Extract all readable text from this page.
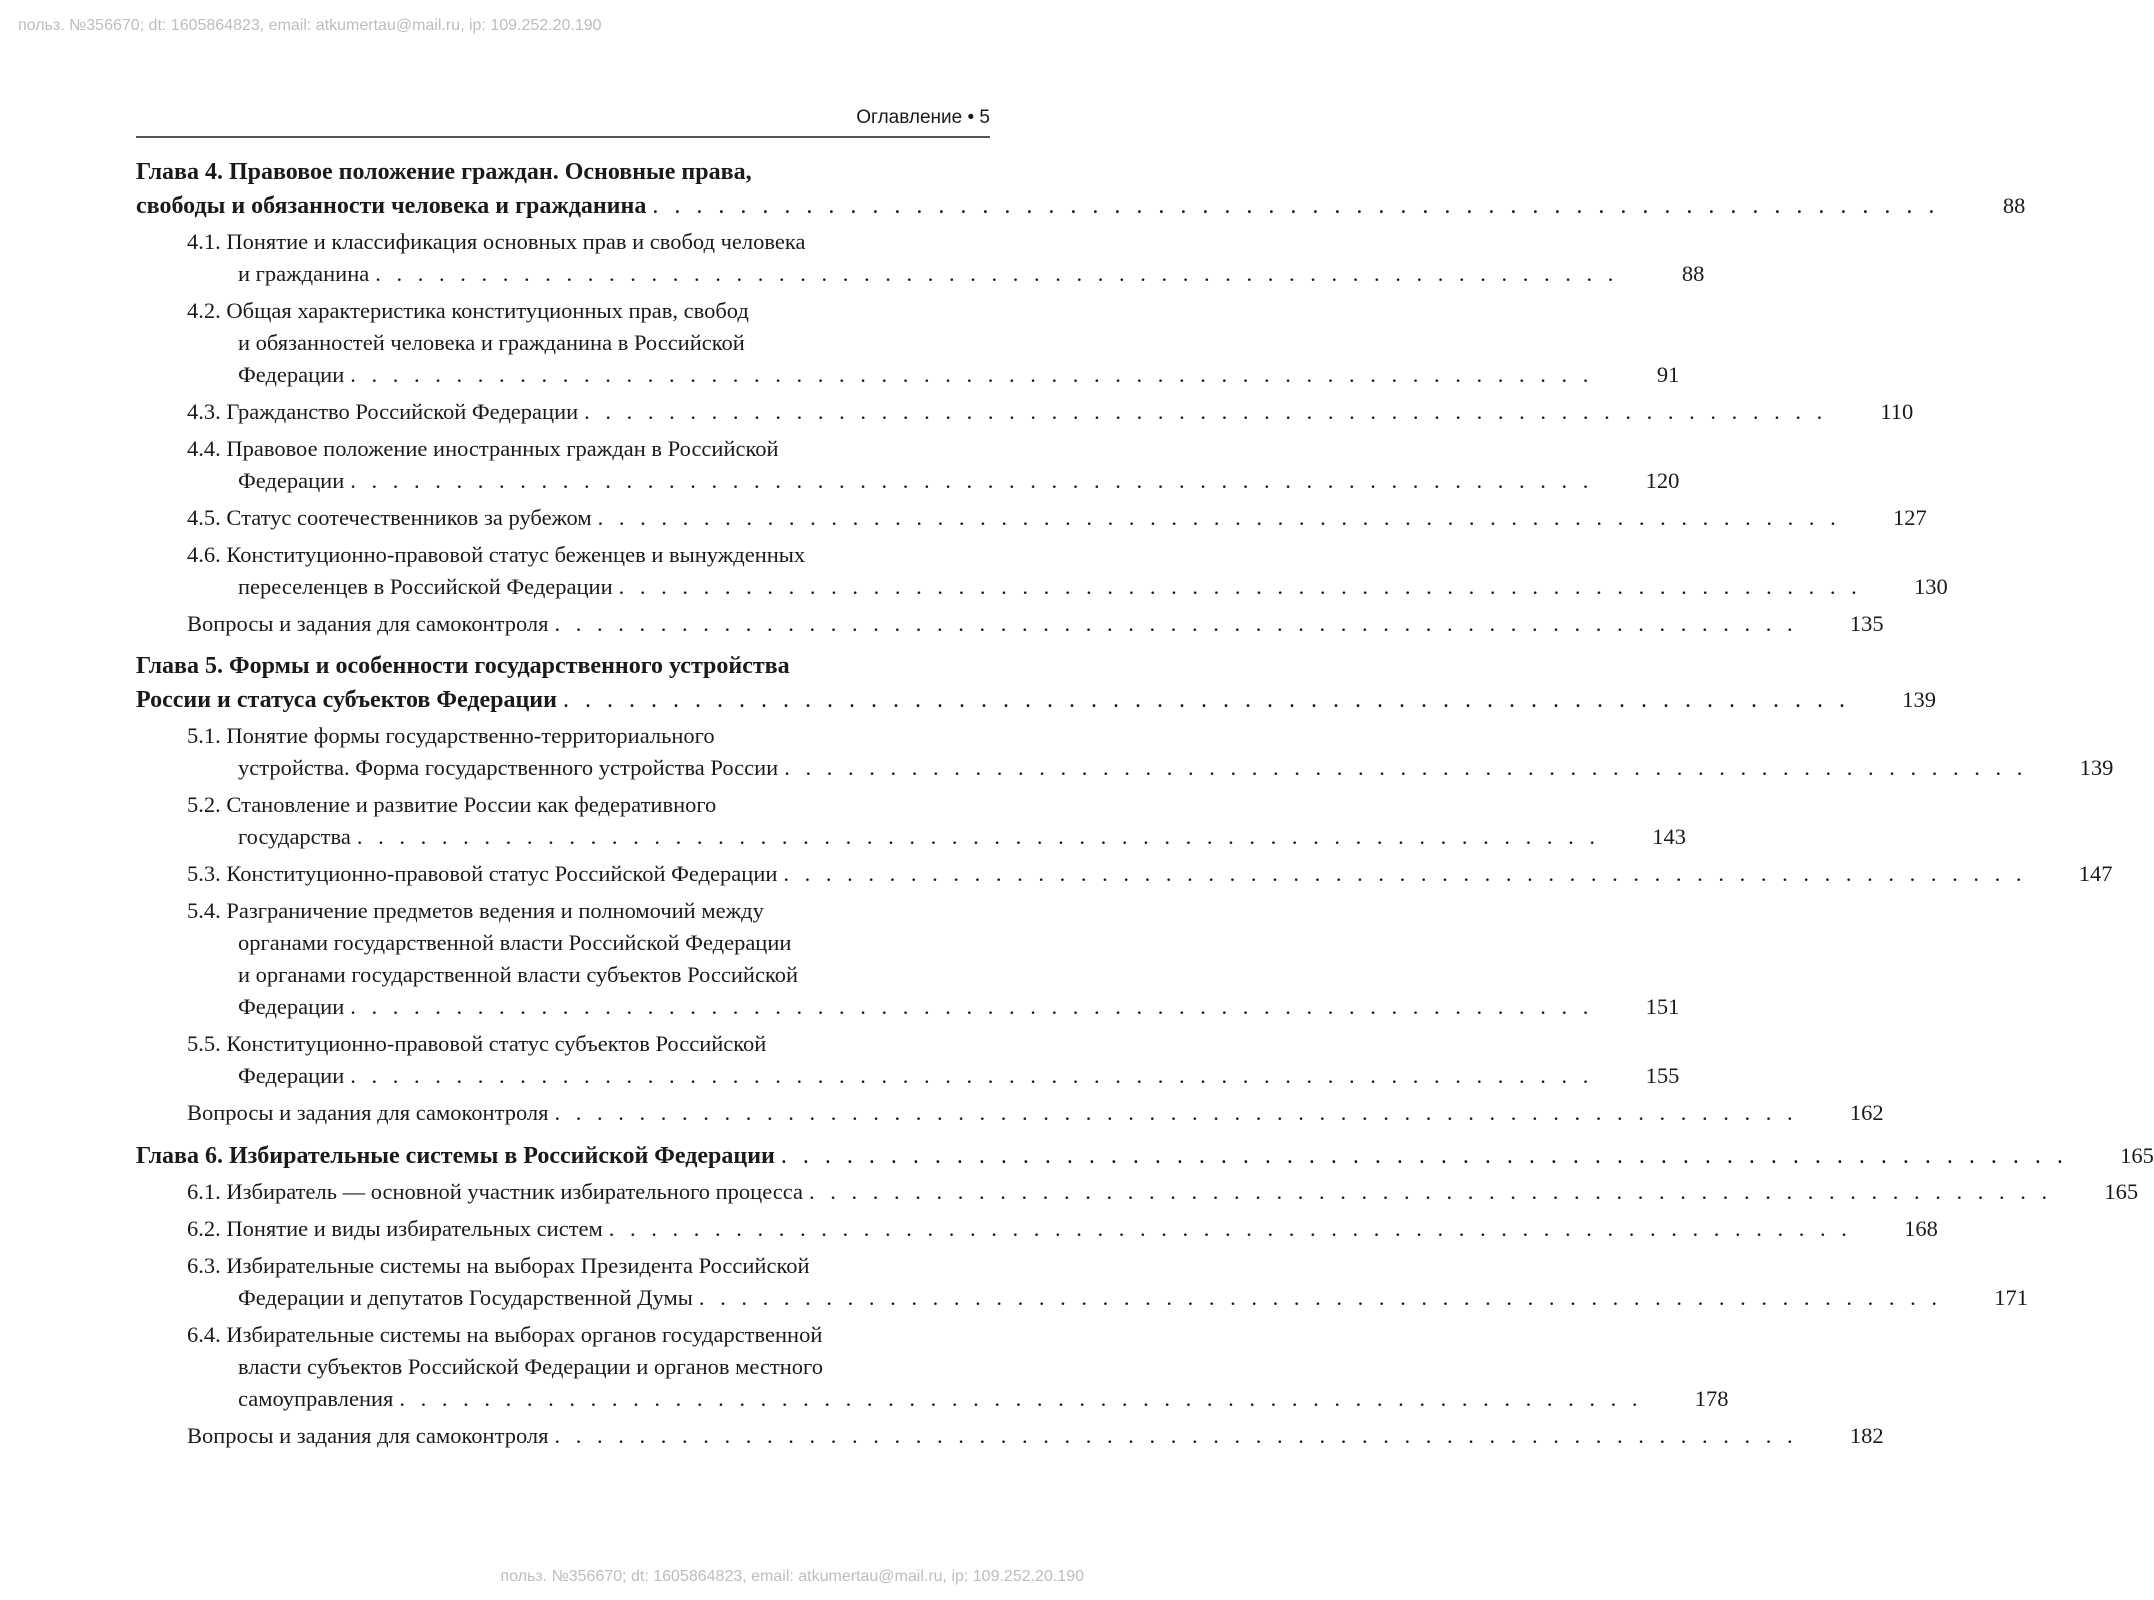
польз. №356670; dt: 1605864823, email: atkumertau@mail.ru, ip: 109.252.20.190
Оглавление • 5
Глава 4. Правовое положение граждан. Основные права,
свободы и обязанности человека и гражданина . . . . . . . . . . . . . . . . . . . . . . . . . . . . . . . . . . . . . . . . . . . . . . . . . . . . . . . . . . .	88
4.1. Понятие и классификация основных прав и свобод человека
и гражданина . . . . . . . . . . . . . . . . . . . . . . . . . . . . . . . . . . . . . . . . . . . . . . . . . . . . . . . . . . .	88
4.2. Общая характеристика конституционных прав, свобод
и обязанностей человека и гражданина в Российской
Федерации . . . . . . . . . . . . . . . . . . . . . . . . . . . . . . . . . . . . . . . . . . . . . . . . . . . . . . . . . . .	91
4.3. Гражданство Российской Федерации . . . . . . . . . . . . . . . . . . . . . . . . . . . . . . . . . . . . . . . . . . . . . . . . . . . . . . . . . . .	110
4.4. Правовое положение иностранных граждан в Российской
Федерации . . . . . . . . . . . . . . . . . . . . . . . . . . . . . . . . . . . . . . . . . . . . . . . . . . . . . . . . . . .	120
4.5. Статус соотечественников за рубежом . . . . . . . . . . . . . . . . . . . . . . . . . . . . . . . . . . . . . . . . . . . . . . . . . . . . . . . . . . .	127
4.6. Конституционно-правовой статус беженцев и вынужденных
переселенцев в Российской Федерации . . . . . . . . . . . . . . . . . . . . . . . . . . . . . . . . . . . . . . . . . . . . . . . . . . . . . . . . . . .	130
Вопросы и задания для самоконтроля . . . . . . . . . . . . . . . . . . . . . . . . . . . . . . . . . . . . . . . . . . . . . . . . . . . . . . . . . . .	135
Глава 5. Формы и особенности государственного устройства
России и статуса субъектов Федерации . . . . . . . . . . . . . . . . . . . . . . . . . . . . . . . . . . . . . . . . . . . . . . . . . . . . . . . . . . .	139
5.1. Понятие формы государственно-территориального
устройства. Форма государственного устройства России . . . . . . . . . . . . . . . . . . . . . . . . . . . . . . . . . . . . . . . . . . . . . . . . . . . . . . . . . . .	139
5.2. Становление и развитие России как федеративного
государства . . . . . . . . . . . . . . . . . . . . . . . . . . . . . . . . . . . . . . . . . . . . . . . . . . . . . . . . . . .	143
5.3. Конституционно-правовой статус Российской Федерации . . . . . . . . . . . . . . . . . . . . . . . . . . . . . . . . . . . . . . . . . . . . . . . . . . . . . . . . . . .	147
5.4. Разграничение предметов ведения и полномочий между
органами государственной власти Российской Федерации
и органами государственной власти субъектов Российской
Федерации . . . . . . . . . . . . . . . . . . . . . . . . . . . . . . . . . . . . . . . . . . . . . . . . . . . . . . . . . . .	151
5.5. Конституционно-правовой статус субъектов Российской
Федерации . . . . . . . . . . . . . . . . . . . . . . . . . . . . . . . . . . . . . . . . . . . . . . . . . . . . . . . . . . .	155
Вопросы и задания для самоконтроля . . . . . . . . . . . . . . . . . . . . . . . . . . . . . . . . . . . . . . . . . . . . . . . . . . . . . . . . . . .	162
Глава 6. Избирательные системы в Российской Федерации . . . . . . . . . . . . . . . . . . . . . . . . . . . . . . . . . . . . . . . . . . . . . . . . . . . . . . . . . . .	165
6.1. Избиратель — основной участник избирательного процесса . . . . . . . . . . . . . . . . . . . . . . . . . . . . . . . . . . . . . . . . . . . . . . . . . . . . . . . . . . .	165
6.2. Понятие и виды избирательных систем . . . . . . . . . . . . . . . . . . . . . . . . . . . . . . . . . . . . . . . . . . . . . . . . . . . . . . . . . . .	168
6.3. Избирательные системы на выборах Президента Российской
Федерации и депутатов Государственной Думы . . . . . . . . . . . . . . . . . . . . . . . . . . . . . . . . . . . . . . . . . . . . . . . . . . . . . . . . . . .	171
6.4. Избирательные системы на выборах органов государственной
власти субъектов Российской Федерации и органов местного
самоуправления . . . . . . . . . . . . . . . . . . . . . . . . . . . . . . . . . . . . . . . . . . . . . . . . . . . . . . . . . . .	178
Вопросы и задания для самоконтроля . . . . . . . . . . . . . . . . . . . . . . . . . . . . . . . . . . . . . . . . . . . . . . . . . . . . . . . . . . .	182
польз. №356670; dt: 1605864823, email: atkumertau@mail.ru, ip: 109.252.20.190
